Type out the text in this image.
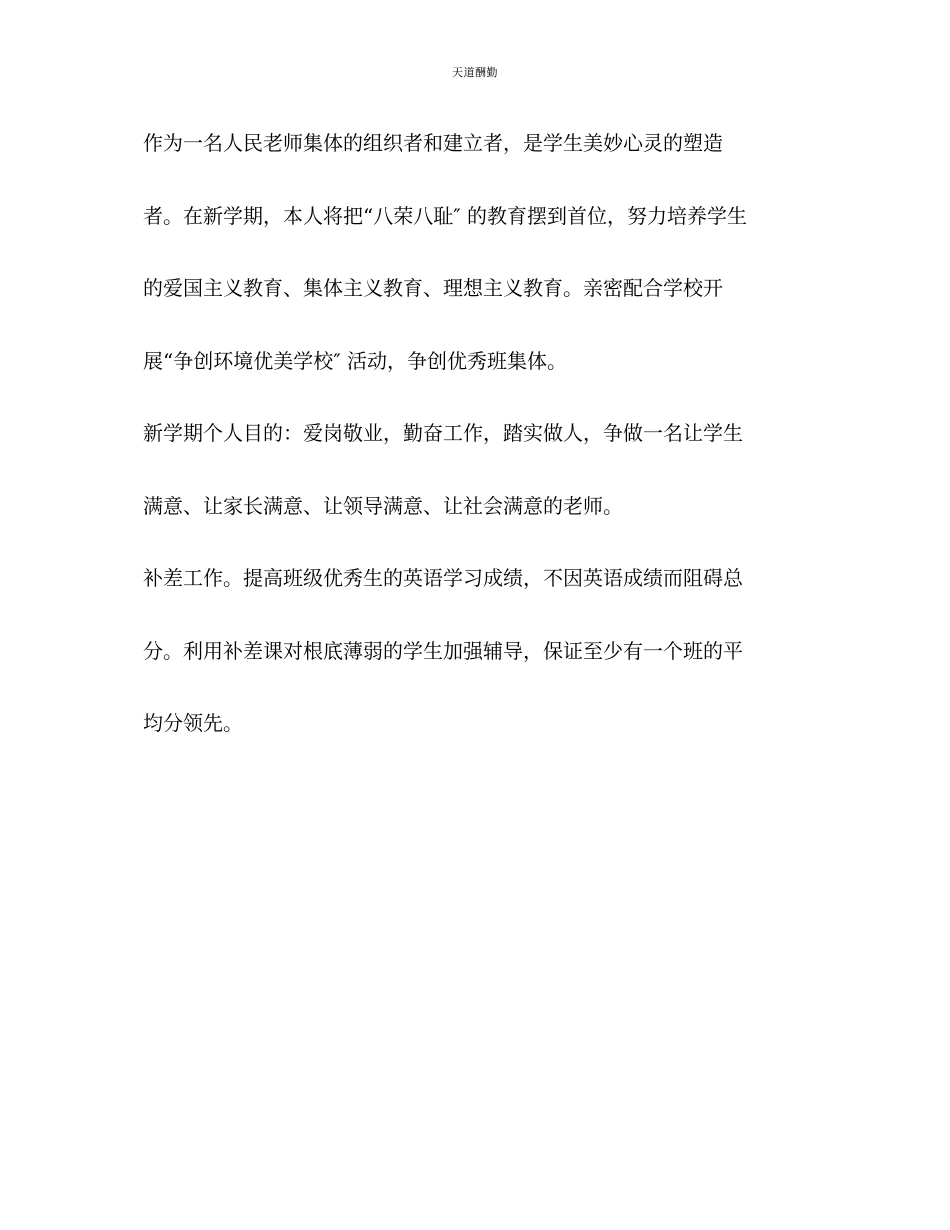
天道酬勤
作为一名人民老师集体的组织者和建立者，是学生美妙心灵的塑造
者。在新学期，本人将把“八荣八耻″ 的教育摆到首位，努力培养学生
的爱国主义教育、集体主义教育、理想主义教育。亲密配合学校开
展“争创环境优美学校″ 活动，争创优秀班集体。
新学期个人目的：爱岗敬业，勤奋工作，踏实做人，争做一名让学生
满意、让家长满意、让领导满意、让社会满意的老师。
补差工作。提高班级优秀生的英语学习成绩，不因英语成绩而阻碍总
分。利用补差课对根底薄弱的学生加强辅导，保证至少有一个班的平
均分领先。
